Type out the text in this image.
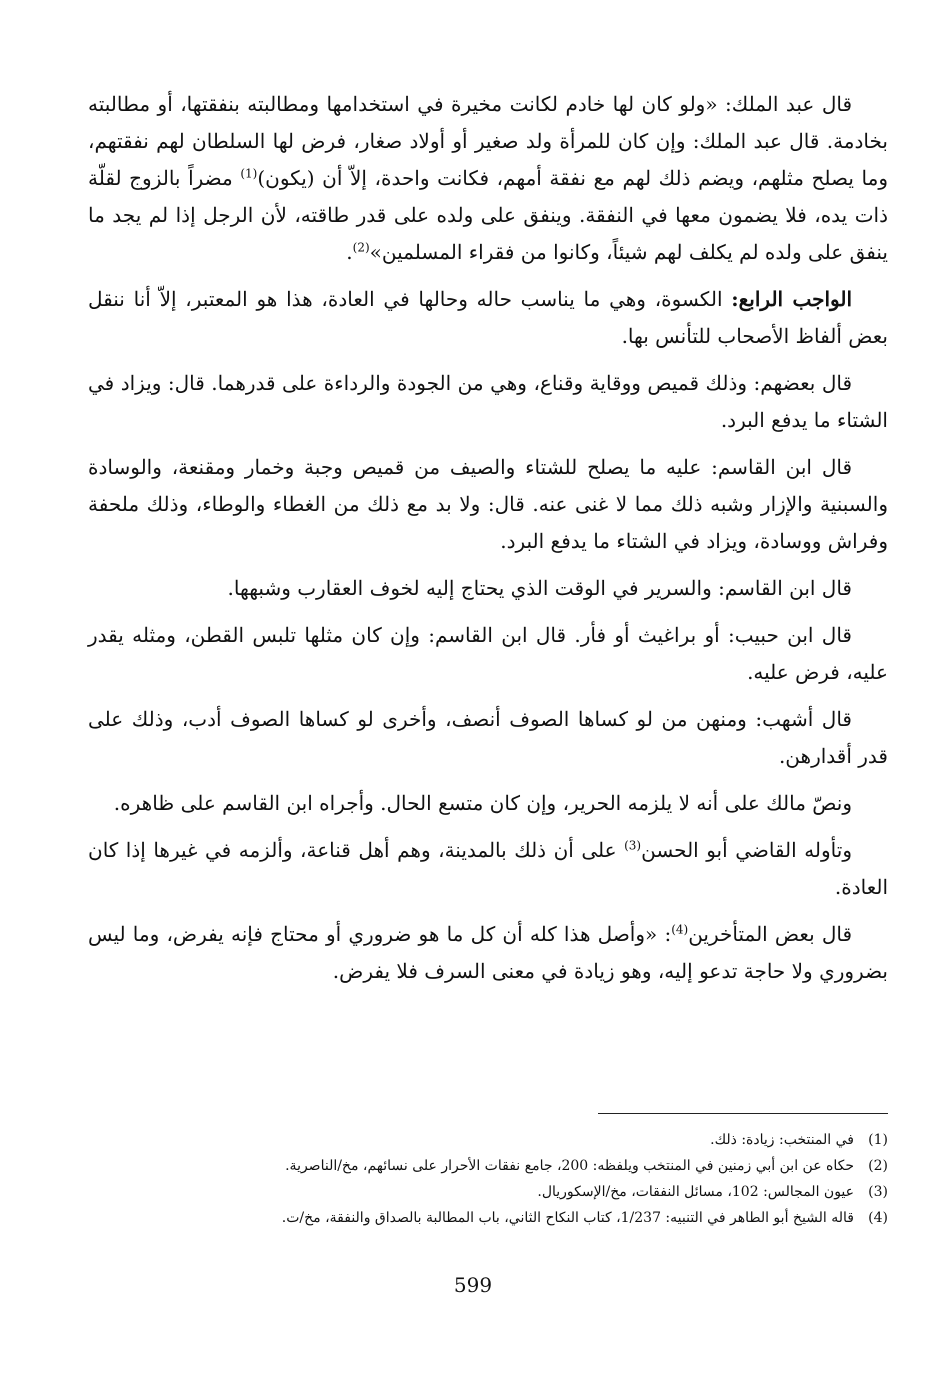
قال عبد الملك: «ولو كان لها خادم لكانت مخيرة في استخدامها ومطالبته بنفقتها، أو مطالبته بخادمة. قال عبد الملك: وإن كان للمرأة ولد صغير أو أولاد صغار، فرض لها السلطان لهم نفقتهم، وما يصلح مثلهم، ويضم ذلك لهم مع نفقة أمهم، فكانت واحدة، إلاّ أن (يكون)$^{(1)}$ مضراً بالزوج لقلّة ذات يده، فلا يضمون معها في النفقة. وينفق على ولده على قدر طاقته، لأن الرجل إذا لم يجد ما ينفق على ولده لم يكلف لهم شيئاً، وكانوا من فقراء المسلمين»$^{(2)}$.

الواجب الرابع: الكسوة، وهي ما يناسب حاله وحالها في العادة، هذا هو المعتبر، إلاّ أنا ننقل بعض ألفاظ الأصحاب للتأنس بها.

قال بعضهم: وذلك قميص ووقاية وقناع، وهي من الجودة والرداءة على قدرهما. قال: ويزاد في الشتاء ما يدفع البرد.

قال ابن القاسم: عليه ما يصلح للشتاء والصيف من قميص وجبة وخمار ومقنعة، والوسادة والسبنية والإزار وشبه ذلك مما لا غنى عنه. قال: ولا بد مع ذلك من الغطاء والوطاء، وذلك ملحفة وفراش ووسادة، ويزاد في الشتاء ما يدفع البرد.

قال ابن القاسم: والسرير في الوقت الذي يحتاج إليه لخوف العقارب وشبهها.

قال ابن حبيب: أو براغيث أو فأر. قال ابن القاسم: وإن كان مثلها تلبس القطن، ومثله يقدر عليه، فرض عليه.

قال أشهب: ومنهن من لو كساها الصوف أنصف، وأخرى لو كساها الصوف أدب، وذلك على قدر أقدارهن.

ونصّ مالك على أنه لا يلزمه الحرير، وإن كان متسع الحال. وأجراه ابن القاسم على ظاهره.

وتأوله القاضي أبو الحسن$^{(3)}$ على أن ذلك بالمدينة، وهم أهل قناعة، وألزمه في غيرها إذا كان العادة.

قال بعض المتأخرين$^{(4)}$: «وأصل هذا كله أن كل ما هو ضروري أو محتاج فإنه يفرض، وما ليس بضروري ولا حاجة تدعو إليه، وهو زيادة في معنى السرف فلا يفرض.

(1)
في المنتخب: زيادة: ذلك.
(2)
حكاه عن ابن أبي زمنين في المنتخب ويلفظه: 200، جامع نفقات الأحرار على نسائهم، مخ/الناصرية.
(3)
عيون المجالس: 102، مسائل النفقات، مخ/الإسكوريال.
(4)
قاله الشيخ أبو الطاهر في التنبيه: 1/237، كتاب النكاح الثاني، باب المطالبة بالصداق والنفقة، مخ/ت.
599
